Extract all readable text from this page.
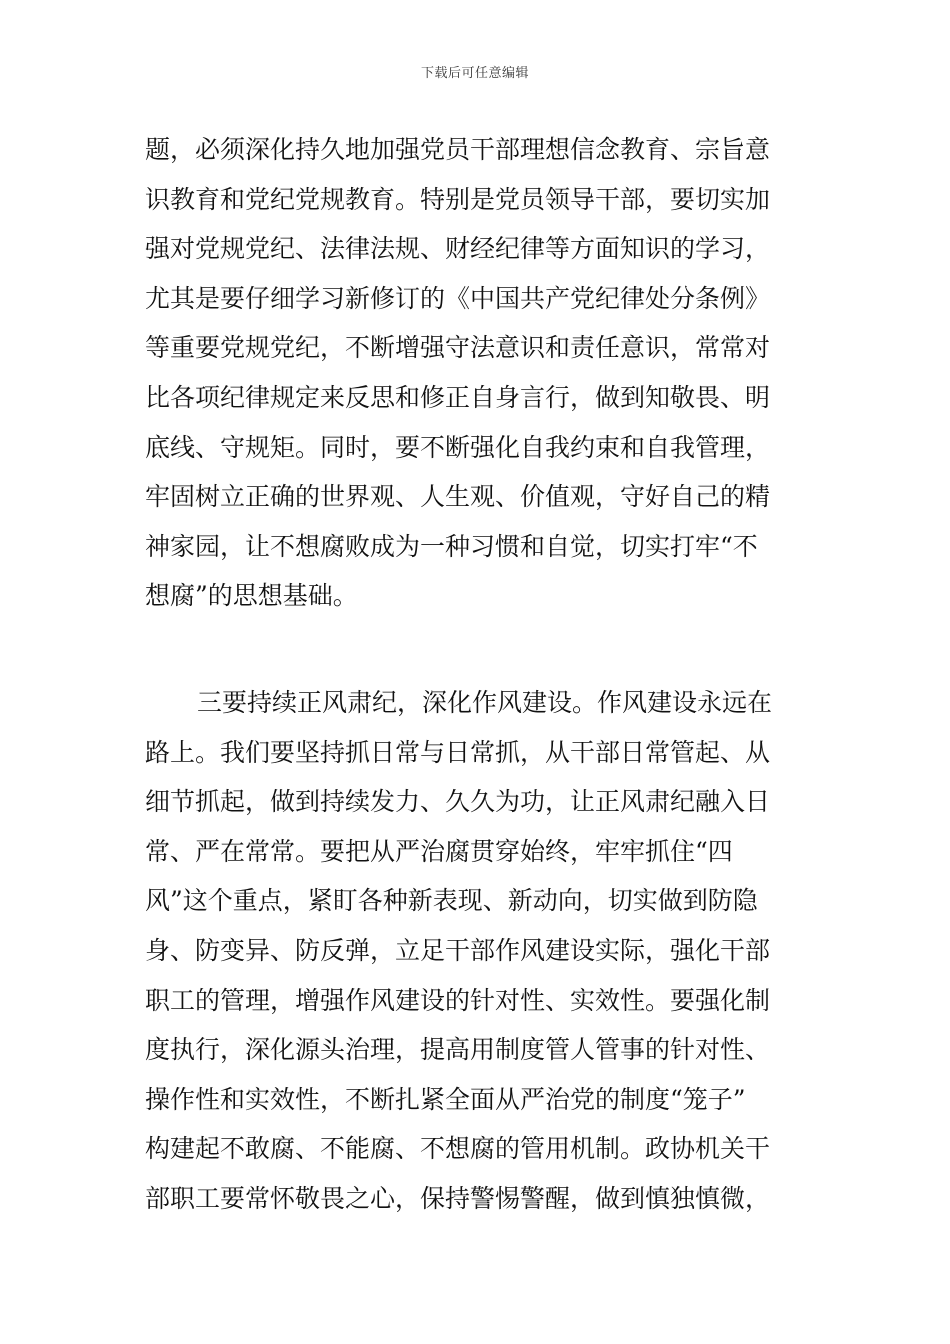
下载后可任意编辑
题，必须深化持久地加强党员干部理想信念教育、宗旨意
识教育和党纪党规教育。特别是党员领导干部，要切实加
强对党规党纪、法律法规、财经纪律等方面知识的学习，
尤其是要仔细学习新修订的《中国共产党纪律处分条例》
等重要党规党纪，不断增强守法意识和责任意识，常常对
比各项纪律规定来反思和修正自身言行，做到知敬畏、明
底线、守规矩。同时，要不断强化自我约束和自我管理，
牢固树立正确的世界观、人生观、价值观，守好自己的精
神家园，让不想腐败成为一种习惯和自觉，切实打牢“不
想腐”的思想基础。
三要持续正风肃纪，深化作风建设。作风建设永远在
路上。我们要坚持抓日常与日常抓，从干部日常管起、从
细节抓起，做到持续发力、久久为功，让正风肃纪融入日
常、严在常常。要把从严治腐贯穿始终，牢牢抓住“四
风”这个重点，紧盯各种新表现、新动向，切实做到防隐
身、防变异、防反弹，立足干部作风建设实际，强化干部
职工的管理，增强作风建设的针对性、实效性。要强化制
度执行，深化源头治理，提高用制度管人管事的针对性、
操作性和实效性，不断扎紧全面从严治党的制度“笼子”
构建起不敢腐、不能腐、不想腐的管用机制。政协机关干
部职工要常怀敬畏之心，保持警惕警醒，做到慎独慎微，
